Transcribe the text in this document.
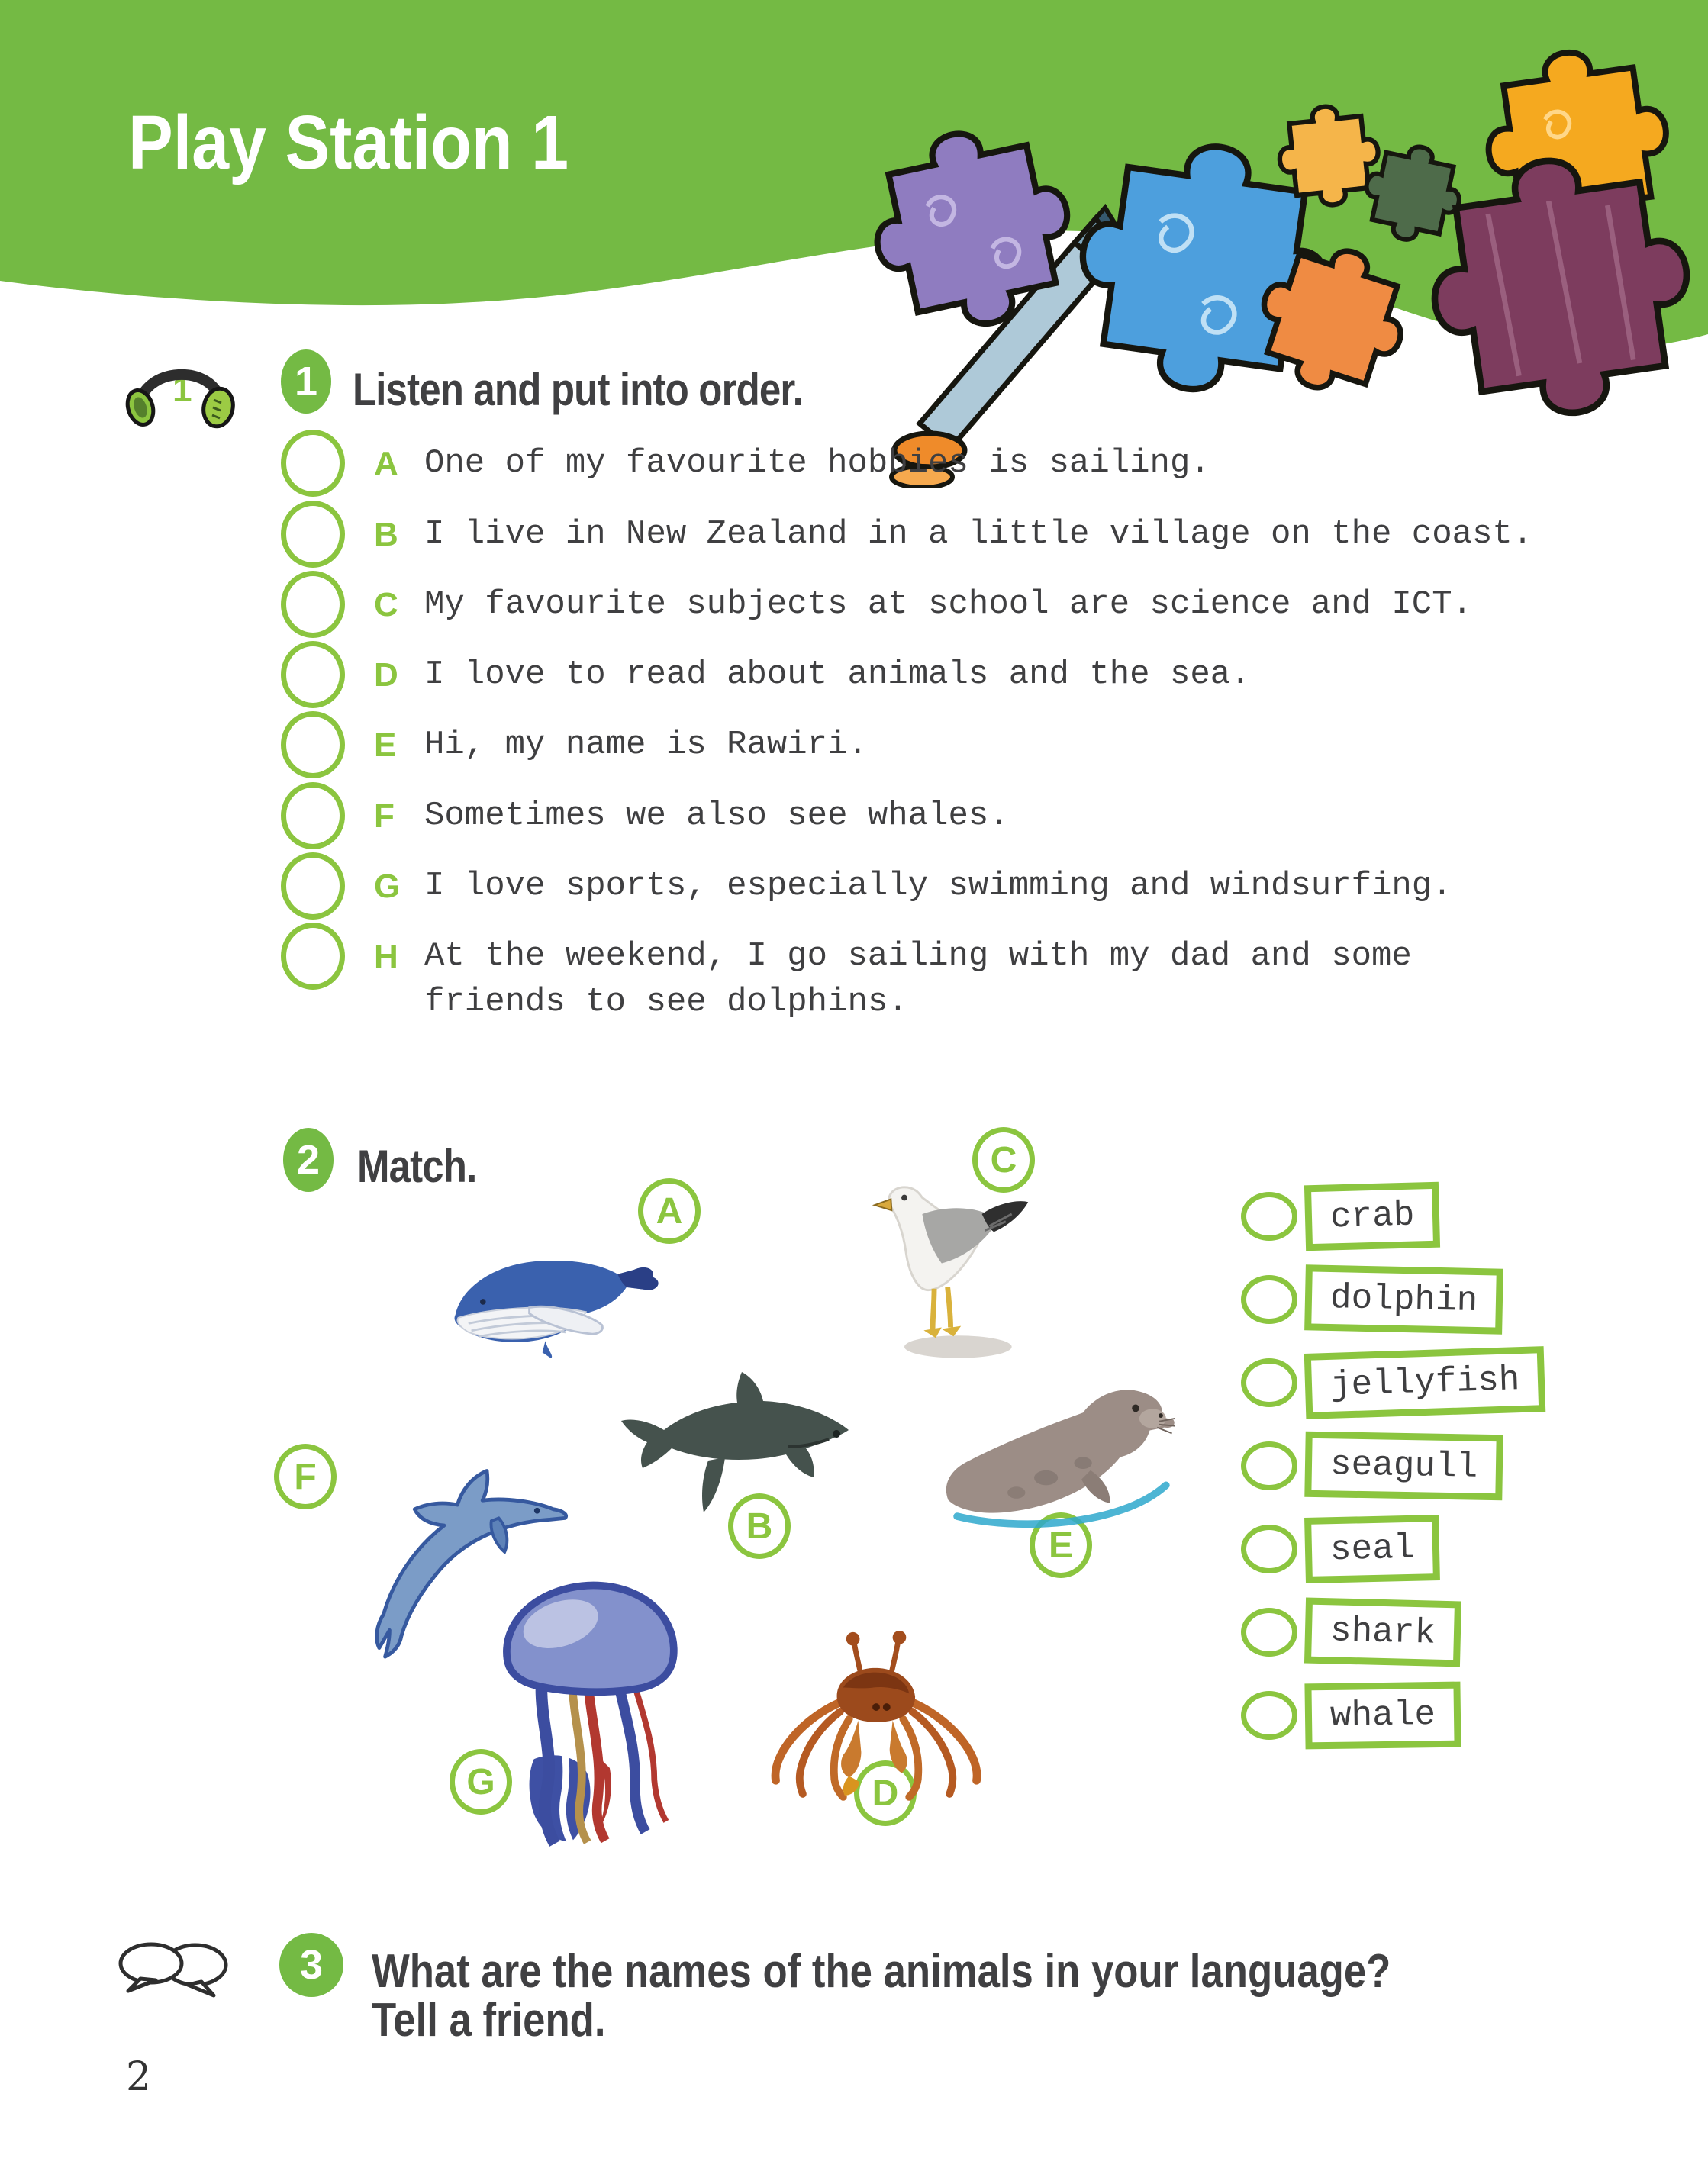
Play Station 1
1	1 Listen and put into order.
A One of my favourite hobbies is sailing.
B I live in New Zealand in a little village on the coast.
C My favourite subjects at school are science and ICT.
D I love to read about animals and the sea.
E Hi, my name is Rawiri.
F Sometimes we also see whales.
G I love sports, especially swimming and windsurfing.
H At the weekend, I go sailing with my dad and some friends to see dolphins.
2 Match.
A
C
B	E
F
G	D
crab
dolphin
jellyfish
seagull
seal
shark
whale
3	What are the names of the animals in your language?
Tell a friend.
2
